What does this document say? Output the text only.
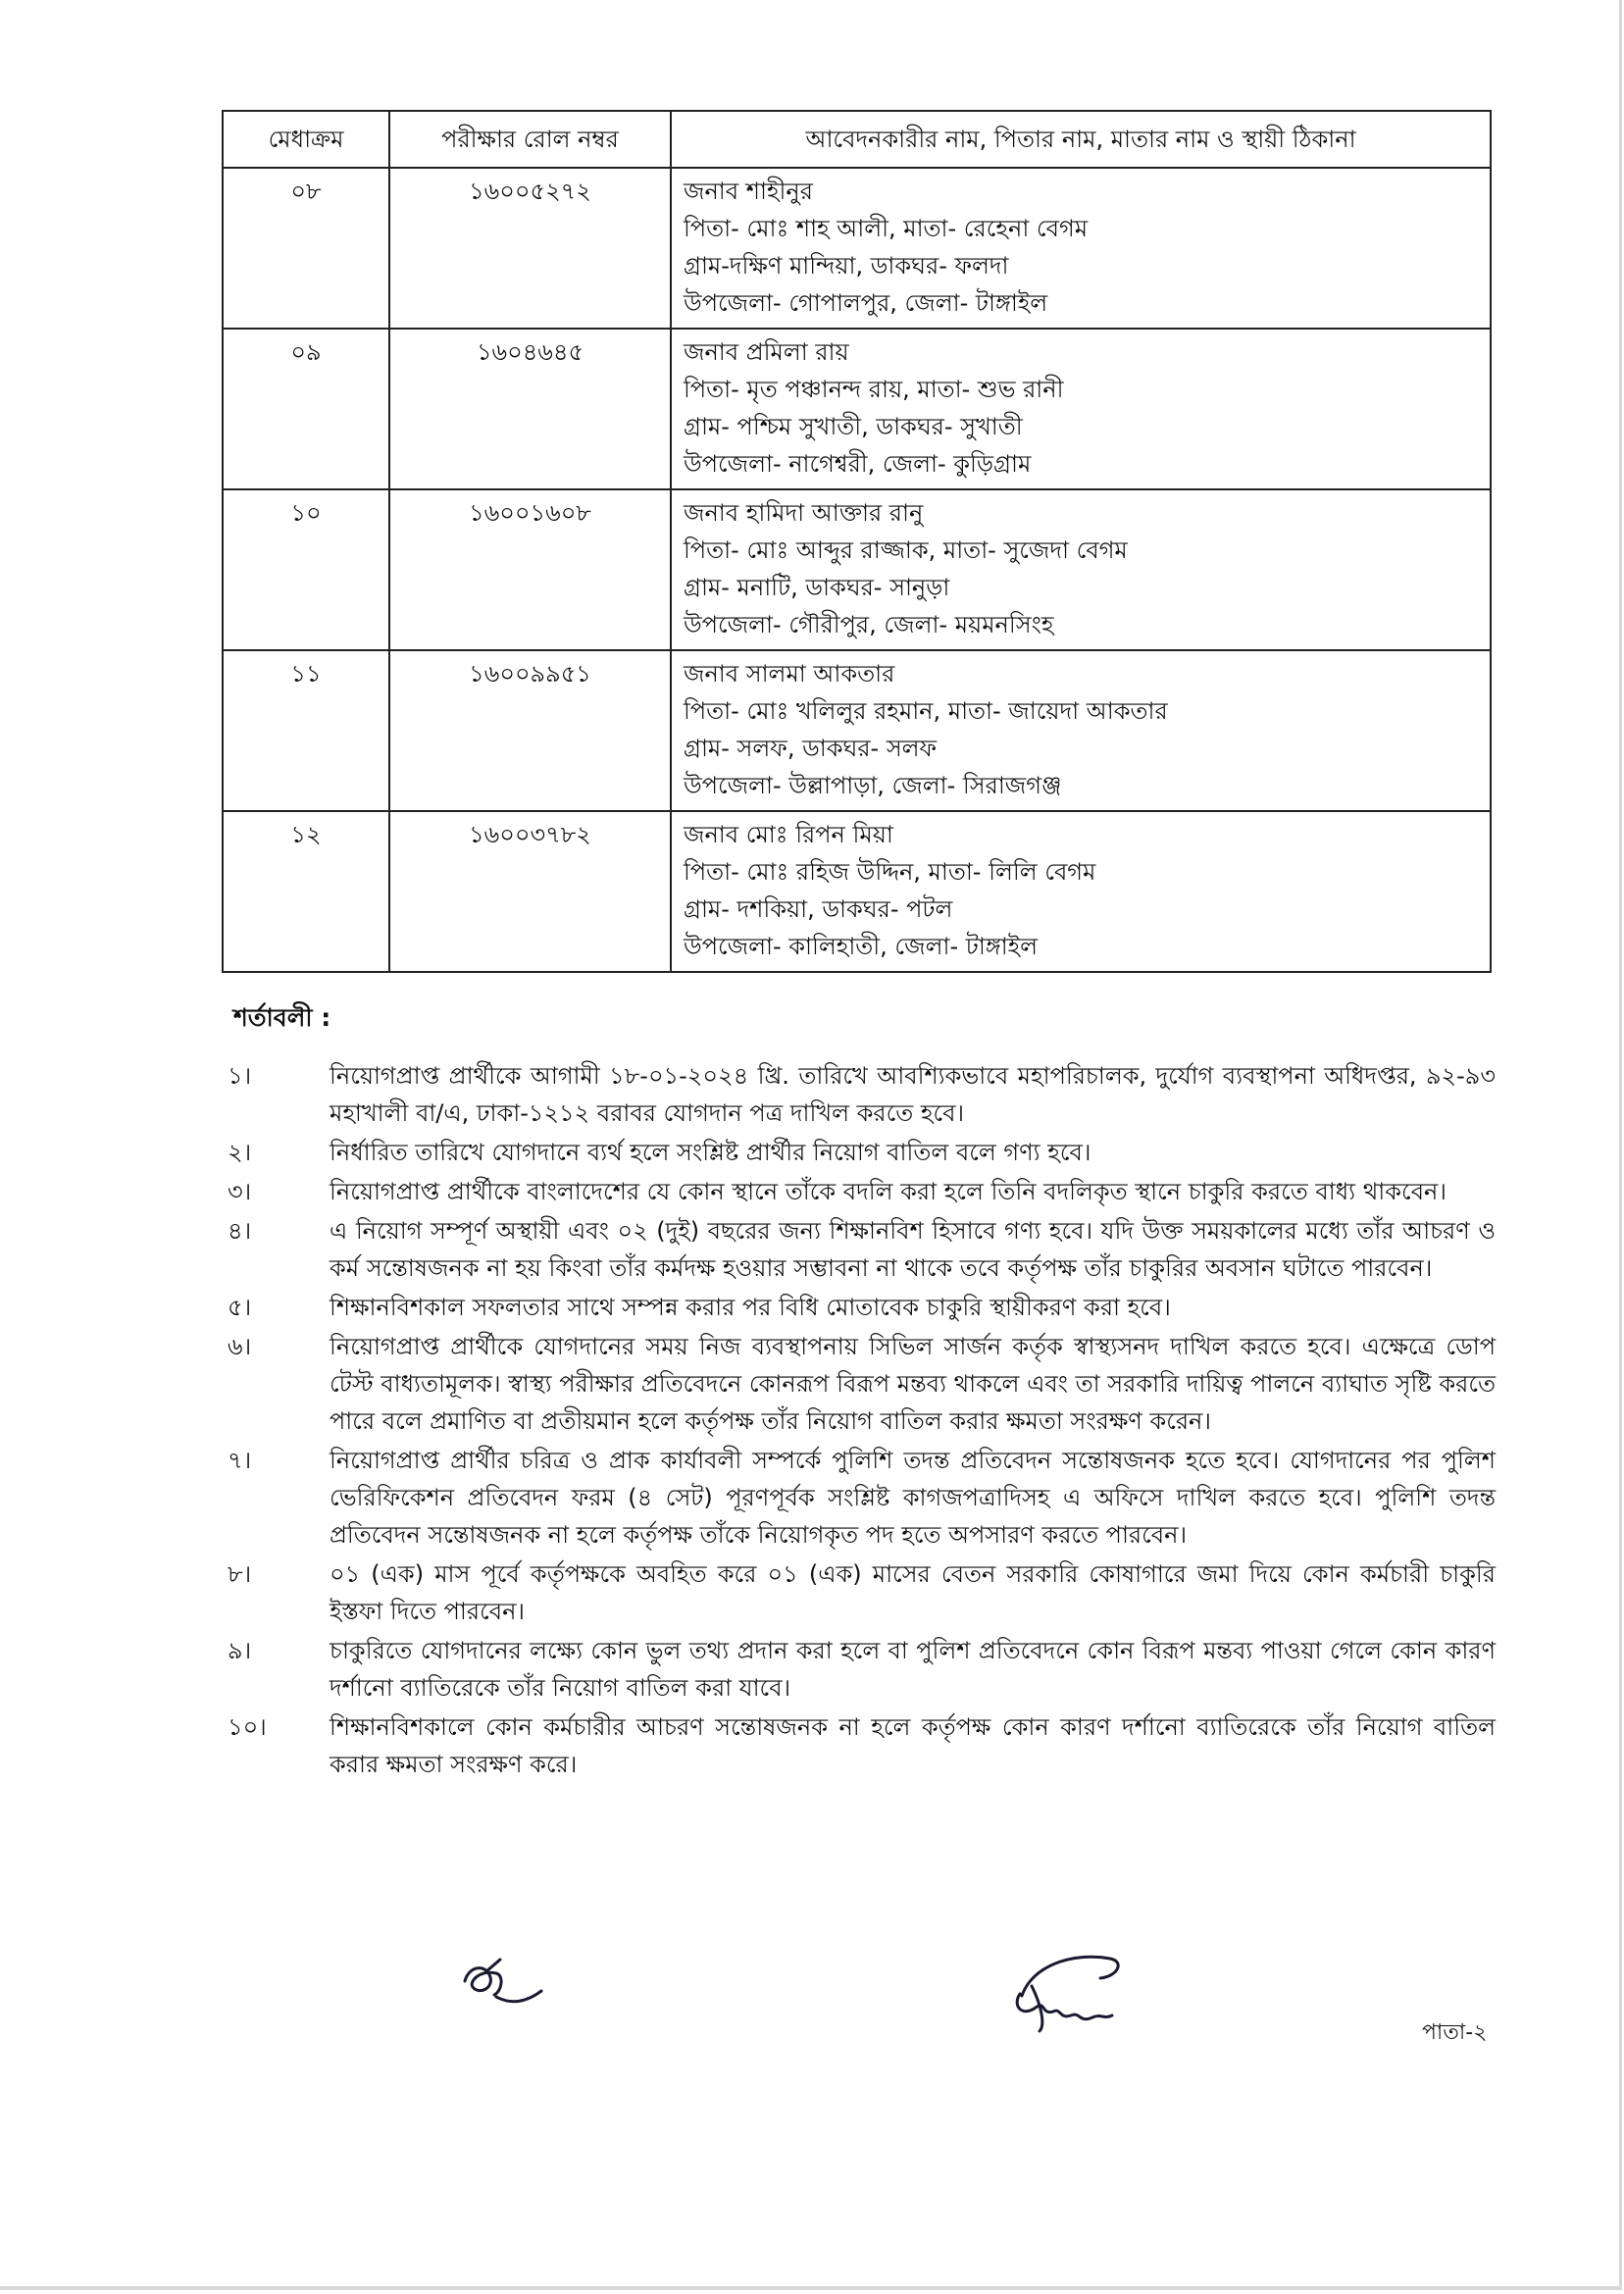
মেধাক্রম	পরীক্ষার রোল নম্বর	আবেদনকারীর নাম, পিতার নাম, মাতার নাম ও স্থায়ী ঠিকানা
০৮	১৬০০৫২৭২	জনাব শাহীনুর
পিতা- মোঃ শাহ আলী, মাতা- রেহেনা বেগম
গ্রাম-দক্ষিণ মান্দিয়া, ডাকঘর- ফলদা
উপজেলা- গোপালপুর, জেলা- টাঙ্গাইল

০৯	১৬০৪৬৪৫	জনাব প্রমিলা রায়
পিতা- মৃত পঞ্চানন্দ রায়, মাতা- শুভ রানী
গ্রাম- পশ্চিম সুখাতী, ডাকঘর- সুখাতী
উপজেলা- নাগেশ্বরী, জেলা- কুড়িগ্রাম

১০	১৬০০১৬০৮	জনাব হামিদা আক্তার রানু
পিতা- মোঃ আব্দুর রাজ্জাক, মাতা- সুজেদা বেগম
গ্রাম- মনাটি, ডাকঘর- সানুড়া
উপজেলা- গৌরীপুর, জেলা- ময়মনসিংহ

১১	১৬০০৯৯৫১	জনাব সালমা আকতার
পিতা- মোঃ খলিলুর রহমান, মাতা- জায়েদা আকতার
গ্রাম- সলফ, ডাকঘর- সলফ
উপজেলা- উল্লাপাড়া, জেলা- সিরাজগঞ্জ

১২	১৬০০৩৭৮২	জনাব মোঃ রিপন মিয়া
পিতা- মোঃ রহিজ উদ্দিন, মাতা- লিলি বেগম
গ্রাম- দশকিয়া, ডাকঘর- পটল
উপজেলা- কালিহাতী, জেলা- টাঙ্গাইল
শর্তাবলী :
১।	নিয়োগপ্রাপ্ত প্রার্থীকে আগামী ১৮-০১-২০২৪ খ্রি. তারিখে আবশ্যিকভাবে মহাপরিচালক, দুর্যোগ ব্যবস্থাপনা অধিদপ্তর, ৯২-৯৩ মহাখালী বা/এ, ঢাকা-১২১২ বরাবর যোগদান পত্র দাখিল করতে হবে।
২।	নির্ধারিত তারিখে যোগদানে ব্যর্থ হলে সংশ্লিষ্ট প্রার্থীর নিয়োগ বাতিল বলে গণ্য হবে।
৩।	নিয়োগপ্রাপ্ত প্রার্থীকে বাংলাদেশের যে কোন স্থানে তাঁকে বদলি করা হলে তিনি বদলিকৃত স্থানে চাকুরি করতে বাধ্য থাকবেন।
৪।	এ নিয়োগ সম্পূর্ণ অস্থায়ী এবং ০২ (দুই) বছরের জন্য শিক্ষানবিশ হিসাবে গণ্য হবে। যদি উক্ত সময়কালের মধ্যে তাঁর আচরণ ও কর্ম সন্তোষজনক না হয় কিংবা তাঁর কর্মদক্ষ হওয়ার সম্ভাবনা না থাকে তবে কর্তৃপক্ষ তাঁর চাকুরির অবসান ঘটাতে পারবেন।
৫।	শিক্ষানবিশকাল সফলতার সাথে সম্পন্ন করার পর বিধি মোতাবেক চাকুরি স্থায়ীকরণ করা হবে।
৬।	নিয়োগপ্রাপ্ত প্রার্থীকে যোগদানের সময় নিজ ব্যবস্থাপনায় সিভিল সার্জন কর্তৃক স্বাস্থ্যসনদ দাখিল করতে হবে। এক্ষেত্রে ডোপ টেস্ট বাধ্যতামূলক। স্বাস্থ্য পরীক্ষার প্রতিবেদনে কোনরূপ বিরূপ মন্তব্য থাকলে এবং তা সরকারি দায়িত্ব পালনে ব্যাঘাত সৃষ্টি করতে পারে বলে প্রমাণিত বা প্রতীয়মান হলে কর্তৃপক্ষ তাঁর নিয়োগ বাতিল করার ক্ষমতা সংরক্ষণ করেন।
৭।	নিয়োগপ্রাপ্ত প্রার্থীর চরিত্র ও প্রাক কার্যাবলী সম্পর্কে পুলিশি তদন্ত প্রতিবেদন সন্তোষজনক হতে হবে। যোগদানের পর পুলিশ ভেরিফিকেশন প্রতিবেদন ফরম (৪ সেট) পূরণপূর্বক সংশ্লিষ্ট কাগজপত্রাদিসহ এ অফিসে দাখিল করতে হবে। পুলিশি তদন্ত প্রতিবেদন সন্তোষজনক না হলে কর্তৃপক্ষ তাঁকে নিয়োগকৃত পদ হতে অপসারণ করতে পারবেন।
৮।	০১ (এক) মাস পূর্বে কর্তৃপক্ষকে অবহিত করে ০১ (এক) মাসের বেতন সরকারি কোষাগারে জমা দিয়ে কোন কর্মচারী চাকুরি ইস্তফা দিতে পারবেন।
৯।	চাকুরিতে যোগদানের লক্ষ্যে কোন ভুল তথ্য প্রদান করা হলে বা পুলিশ প্রতিবেদনে কোন বিরূপ মন্তব্য পাওয়া গেলে কোন কারণ দর্শানো ব্যাতিরেকে তাঁর নিয়োগ বাতিল করা যাবে।
১০।	শিক্ষানবিশকালে কোন কর্মচারীর আচরণ সন্তোষজনক না হলে কর্তৃপক্ষ কোন কারণ দর্শানো ব্যাতিরেকে তাঁর নিয়োগ বাতিল করার ক্ষমতা সংরক্ষণ করে।
পাতা-২
